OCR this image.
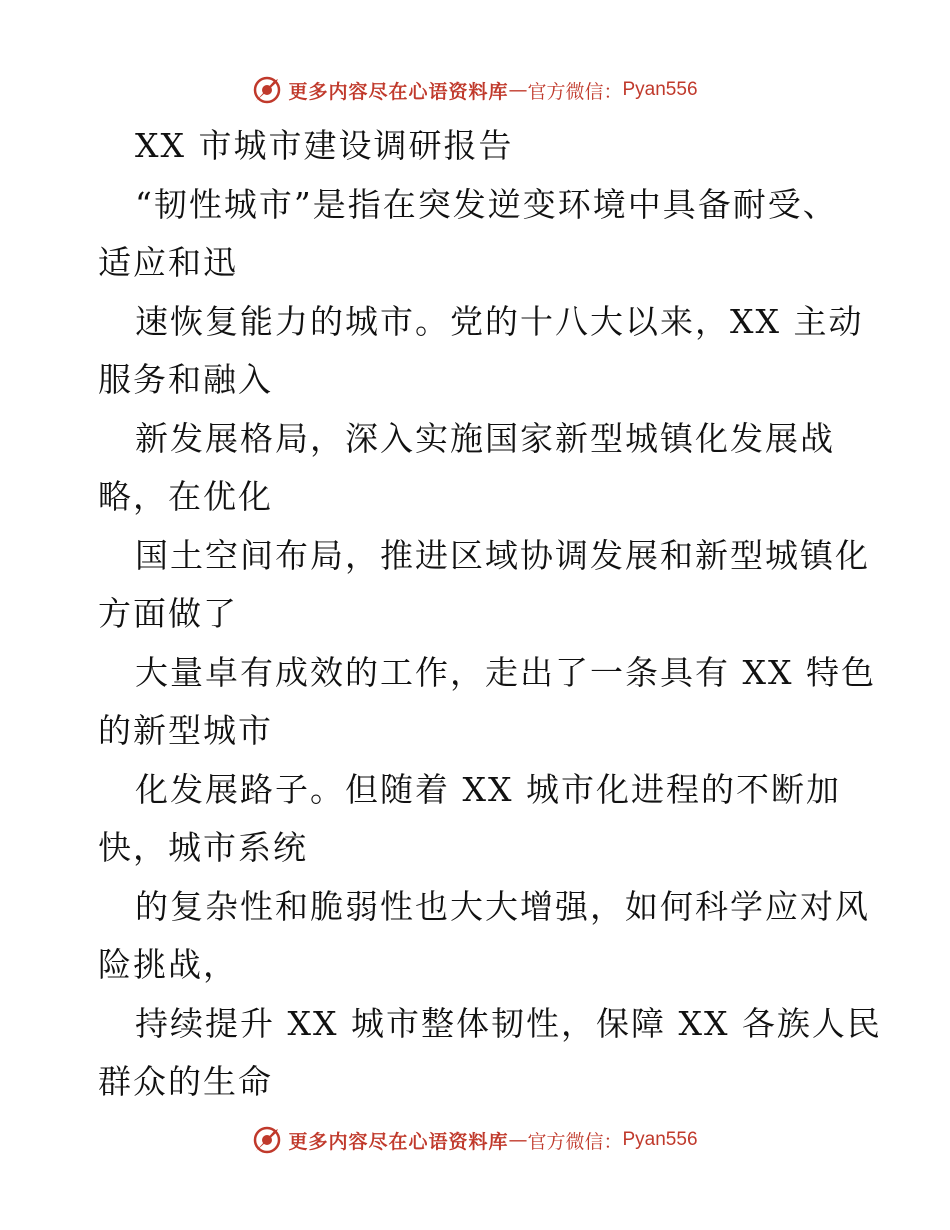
更多内容尽在心语资料库 — 官方微信： Pyan556
XX 市城市建设调研报告
“韧性城市”是指在突发逆变环境中具备耐受、
适应和迅
速恢复能力的城市。党的十八大以来，XX 主动
服务和融入
新发展格局，深入实施国家新型城镇化发展战
略，在优化
国土空间布局，推进区域协调发展和新型城镇化
方面做了
大量卓有成效的工作，走出了一条具有 XX 特色
的新型城市
化发展路子。但随着 XX 城市化进程的不断加
快，城市系统
的复杂性和脆弱性也大大增强，如何科学应对风
险挑战，
持续提升 XX 城市整体韧性，保障 XX 各族人民
群众的生命
更多内容尽在心语资料库 — 官方微信： Pyan556
